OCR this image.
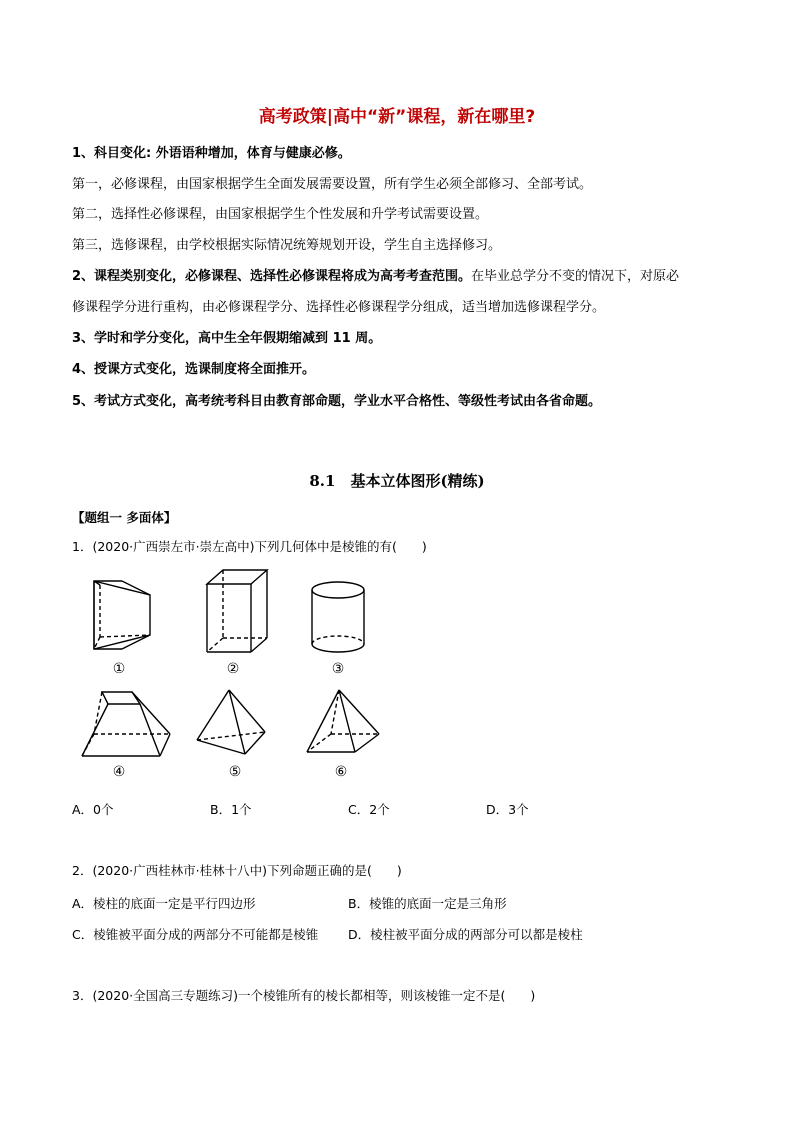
高考政策|高中“新”课程，新在哪里?
1、科目变化: 外语语种增加，体育与健康必修。
第一，必修课程，由国家根据学生全面发展需要设置，所有学生必须全部修习、全部考试。
第二，选择性必修课程，由国家根据学生个性发展和升学考试需要设置。
第三，选修课程，由学校根据实际情况统筹规划开设，学生自主选择修习。
2、课程类别变化，必修课程、选择性必修课程将成为高考考查范围。在毕业总学分不变的情况下，对原必
修课程学分进行重构，由必修课程学分、选择性必修课程学分组成，适当增加选修课程学分。
3、学时和学分变化，高中生全年假期缩减到 11 周。
4、授课方式变化，选课制度将全面推开。
5、考试方式变化，高考统考科目由教育部命题，学业水平合格性、等级性考试由各省命题。
8.1　基本立体图形(精练)
【题组一 多面体】
1．(2020·广西崇左市·崇左高中)下列几何体中是棱锥的有(　　)
①	②	③
④	⑤	⑥
A．0个	B．1个	C．2个	D．3个
2．(2020·广西桂林市·桂林十八中)下列命题正确的是(　　)
A．棱柱的底面一定是平行四边形	B．棱锥的底面一定是三角形
C．棱锥被平面分成的两部分不可能都是棱锥 D．棱柱被平面分成的两部分可以都是棱柱
3．(2020·全国高三专题练习)一个棱锥所有的棱长都相等，则该棱锥一定不是(　　)
